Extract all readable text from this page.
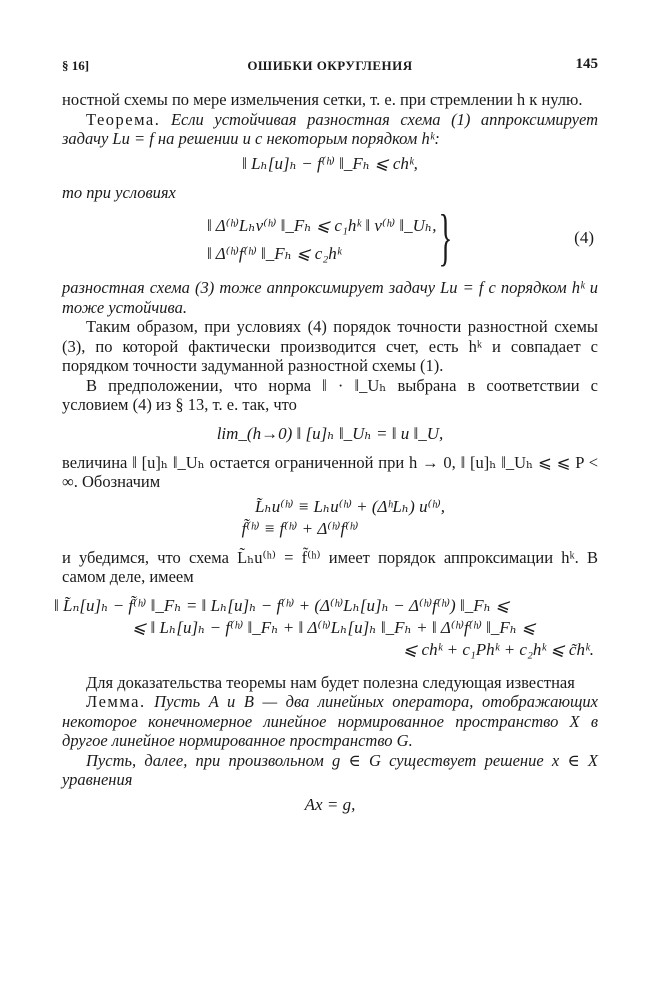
§ 16]	ОШИБКИ ОКРУГЛЕНИЯ	145

ностной схемы по мере измельчения сетки, т. е. при стремлении h к нулю.

Теорема. Если устойчивая разностная схема (1) аппроксимирует задачу Lu = f на решении и с некоторым порядком hᵏ:

‖ Lₕ[u]ₕ − f⁽ʰ⁾ ‖_Fₕ ⩽ chᵏ,

то при условиях

‖ Δ⁽ʰ⁾Lₕv⁽ʰ⁾ ‖_Fₕ ⩽ c₁hᵏ ‖ v⁽ʰ⁾ ‖_Uₕ,
‖ Δ⁽ʰ⁾f⁽ʰ⁾ ‖_Fₕ ⩽ c₂hᵏ	}	(4)

разностная схема (3) тоже аппроксимирует задачу Lu = f с порядком hᵏ и тоже устойчива.

Таким образом, при условиях (4) порядок точности разностной схемы (3), по которой фактически производится счет, есть hᵏ и совпадает с порядком точности задуманной разностной схемы (1).

В предположении, что норма ‖ · ‖_Uₕ выбрана в соответствии с условием (4) из § 13, т. е. так, что

lim_(h→0) ‖ [u]ₕ ‖_Uₕ = ‖ u ‖_U,

величина ‖ [u]ₕ ‖_Uₕ остается ограниченной при h → 0, ‖ [u]ₕ ‖_Uₕ ⩽ ⩽ P < ∞. Обозначим

L̃ₕu⁽ʰ⁾ ≡ Lₕu⁽ʰ⁾ + (ΔʰLₕ) u⁽ʰ⁾,
f̃⁽ʰ⁾ ≡ f⁽ʰ⁾ + Δ⁽ʰ⁾f⁽ʰ⁾

и убедимся, что схема L̃ₕu⁽ʰ⁾ = f̃⁽ʰ⁾ имеет порядок аппроксимации hᵏ. В самом деле, имеем

‖ L̃ₙ[u]ₕ − f̃⁽ʰ⁾ ‖_Fₕ = ‖ Lₕ[u]ₕ − f⁽ʰ⁾ + (Δ⁽ʰ⁾Lₕ[u]ₕ − Δ⁽ʰ⁾f⁽ʰ⁾) ‖_Fₕ ⩽
⩽ ‖ Lₕ[u]ₕ − f⁽ʰ⁾ ‖_Fₕ + ‖ Δ⁽ʰ⁾Lₕ[u]ₕ ‖_Fₕ + ‖ Δ⁽ʰ⁾f⁽ʰ⁾ ‖_Fₕ ⩽
⩽ chᵏ + c₁Phᵏ + c₂hᵏ ⩽ c̃hᵏ.

Для доказательства теоремы нам будет полезна следующая известная

Лемма. Пусть A и B — два линейных оператора, отображающих некоторое конечномерное линейное нормированное пространство X в другое линейное нормированное пространство G.

Пусть, далее, при произвольном g ∈ G существует решение x ∈ X уравнения

Ax = g,
